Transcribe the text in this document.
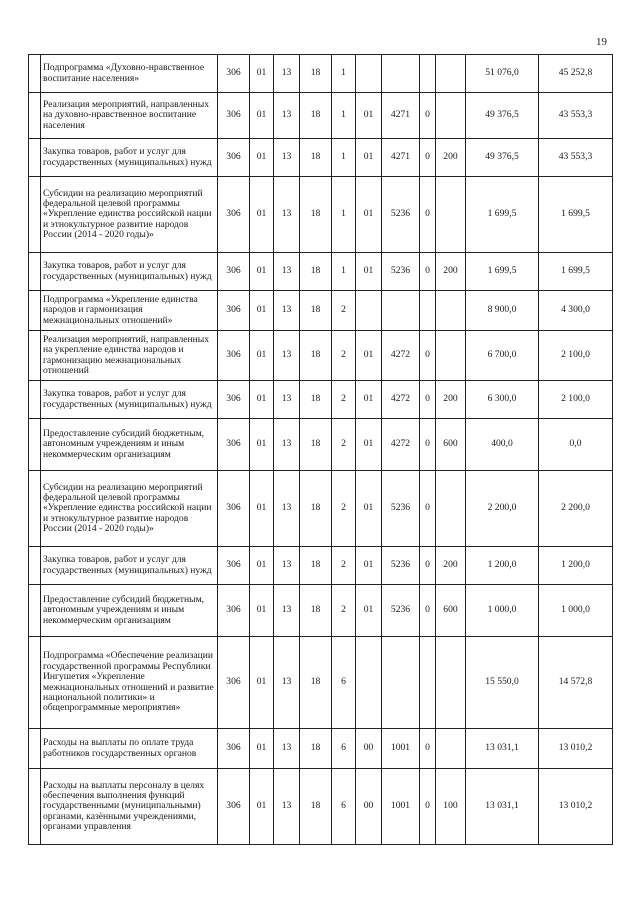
19
	Подпрограмма «Духовно-нравственное воспитание населения»	306	01	13	18	1					51 076,0	45 252,8
	Реализация мероприятий, направленных на духовно-нравственное воспитание населения	306	01	13	18	1	01	4271	0		49 376,5	43 553,3
	Закупка товаров, работ и услуг для государственных (муниципальных) нужд	306	01	13	18	1	01	4271	0	200	49 376,5	43 553,3
	Субсидии на реализацию мероприятий федеральной целевой программы «Укрепление единства российской нации и этнокультурное развитие народов России (2014 - 2020 годы)»	306	01	13	18	1	01	5236	0		1 699,5	1 699,5
	Закупка товаров, работ и услуг для государственных (муниципальных) нужд	306	01	13	18	1	01	5236	0	200	1 699,5	1 699,5
	Подпрограмма «Укрепление единства народов и гармонизация межнациональных отношений»	306	01	13	18	2					8 900,0	4 300,0
	Реализация мероприятий, направленных на укрепление единства народов и гармонизацию межнациональных отношений	306	01	13	18	2	01	4272	0		6 700,0	2 100,0
	Закупка товаров, работ и услуг для государственных (муниципальных) нужд	306	01	13	18	2	01	4272	0	200	6 300,0	2 100,0
	Предоставление субсидий бюджетным, автономным учреждениям и иным некоммерческим организациям	306	01	13	18	2	01	4272	0	600	400,0	0,0
	Субсидии на реализацию мероприятий федеральной целевой программы «Укрепление единства российской нации и этнокультурное развитие народов России (2014 - 2020 годы)»	306	01	13	18	2	01	5236	0		2 200,0	2 200,0
	Закупка товаров, работ и услуг для государственных (муниципальных) нужд	306	01	13	18	2	01	5236	0	200	1 200,0	1 200,0
	Предоставление субсидий бюджетным, автономным учреждениям и иным некоммерческим организациям	306	01	13	18	2	01	5236	0	600	1 000,0	1 000,0
	Подпрограмма «Обеспечение реализации государственной программы Республики Ингушетия «Укрепление межнациональных отношений и развитие национальной политики» и общепрограммные мероприятия»	306	01	13	18	6					15 550,0	14 572,8
	Расходы на выплаты по оплате труда работников государственных органов	306	01	13	18	6	00	1001	0		13 031,1	13 010,2
	Расходы на выплаты персоналу в целях обеспечения выполнения функций государственными (муниципальными) органами, казёнными учреждениями, органами управления	306	01	13	18	6	00	1001	0	100	13 031,1	13 010,2
